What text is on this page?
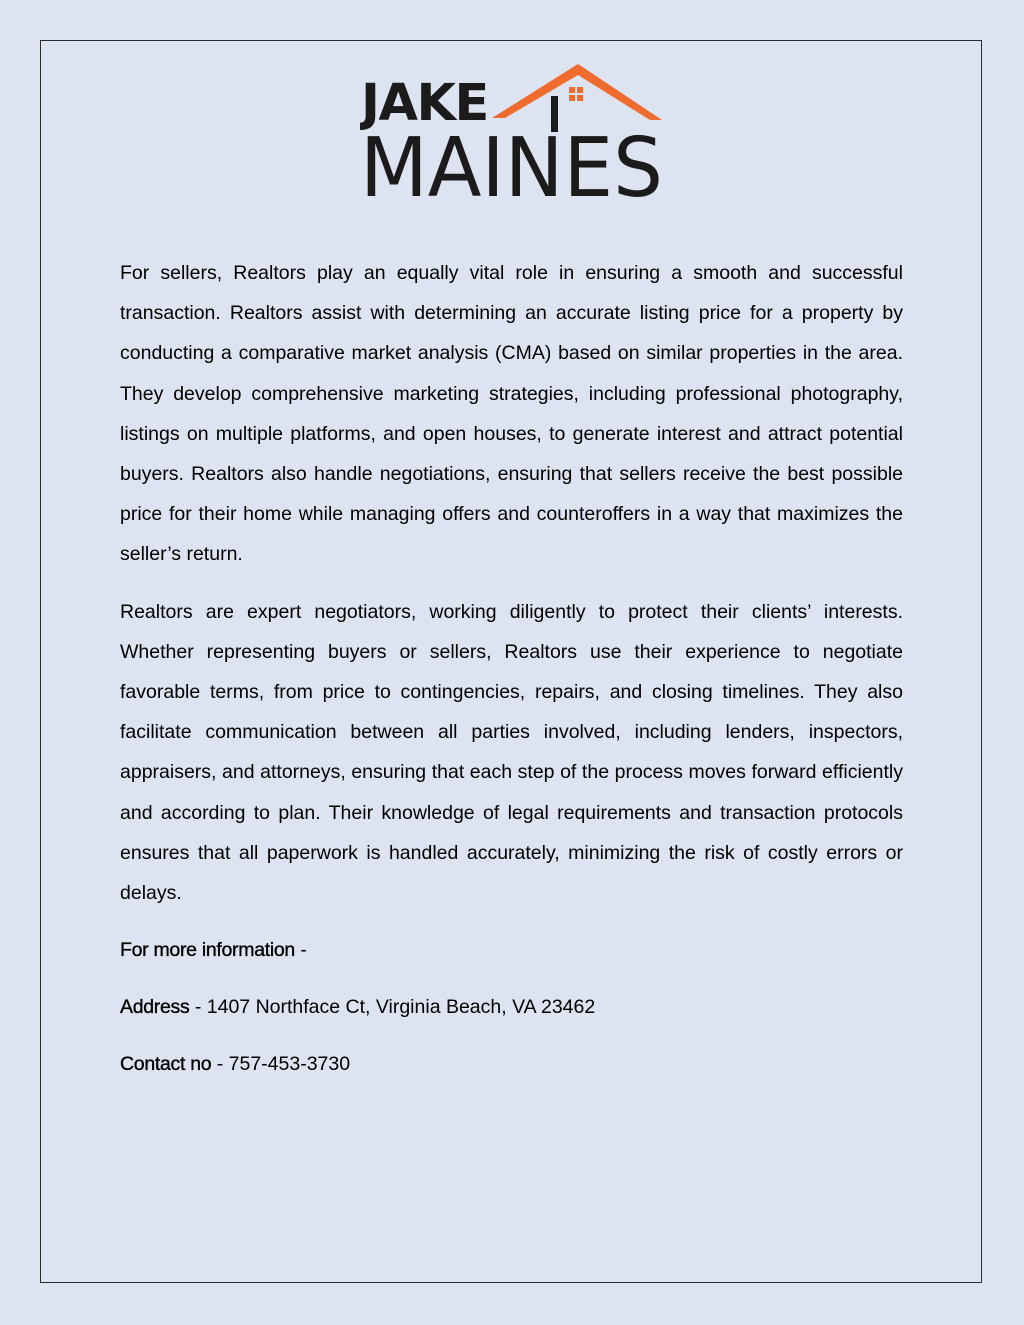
JAKE
MAINES

For sellers, Realtors play an equally vital role in ensuring a smooth and successful transaction. Realtors assist with determining an accurate listing price for a property by conducting a comparative market analysis (CMA) based on similar properties in the area. They develop comprehensive marketing strategies, including professional photography, listings on multiple platforms, and open houses, to generate interest and attract potential buyers. Realtors also handle negotiations, ensuring that sellers receive the best possible price for their home while managing offers and counteroffers in a way that maximizes the seller’s return.

Realtors are expert negotiators, working diligently to protect their clients’ interests. Whether representing buyers or sellers, Realtors use their experience to negotiate favorable terms, from price to contingencies, repairs, and closing timelines. They also facilitate communication between all parties involved, including lenders, inspectors, appraisers, and attorneys, ensuring that each step of the process moves forward efficiently and according to plan. Their knowledge of legal requirements and transaction protocols ensures that all paperwork is handled accurately, minimizing the risk of costly errors or delays.

For more information -

Address - 1407 Northface Ct, Virginia Beach, VA 23462

Contact no - 757-453-3730
